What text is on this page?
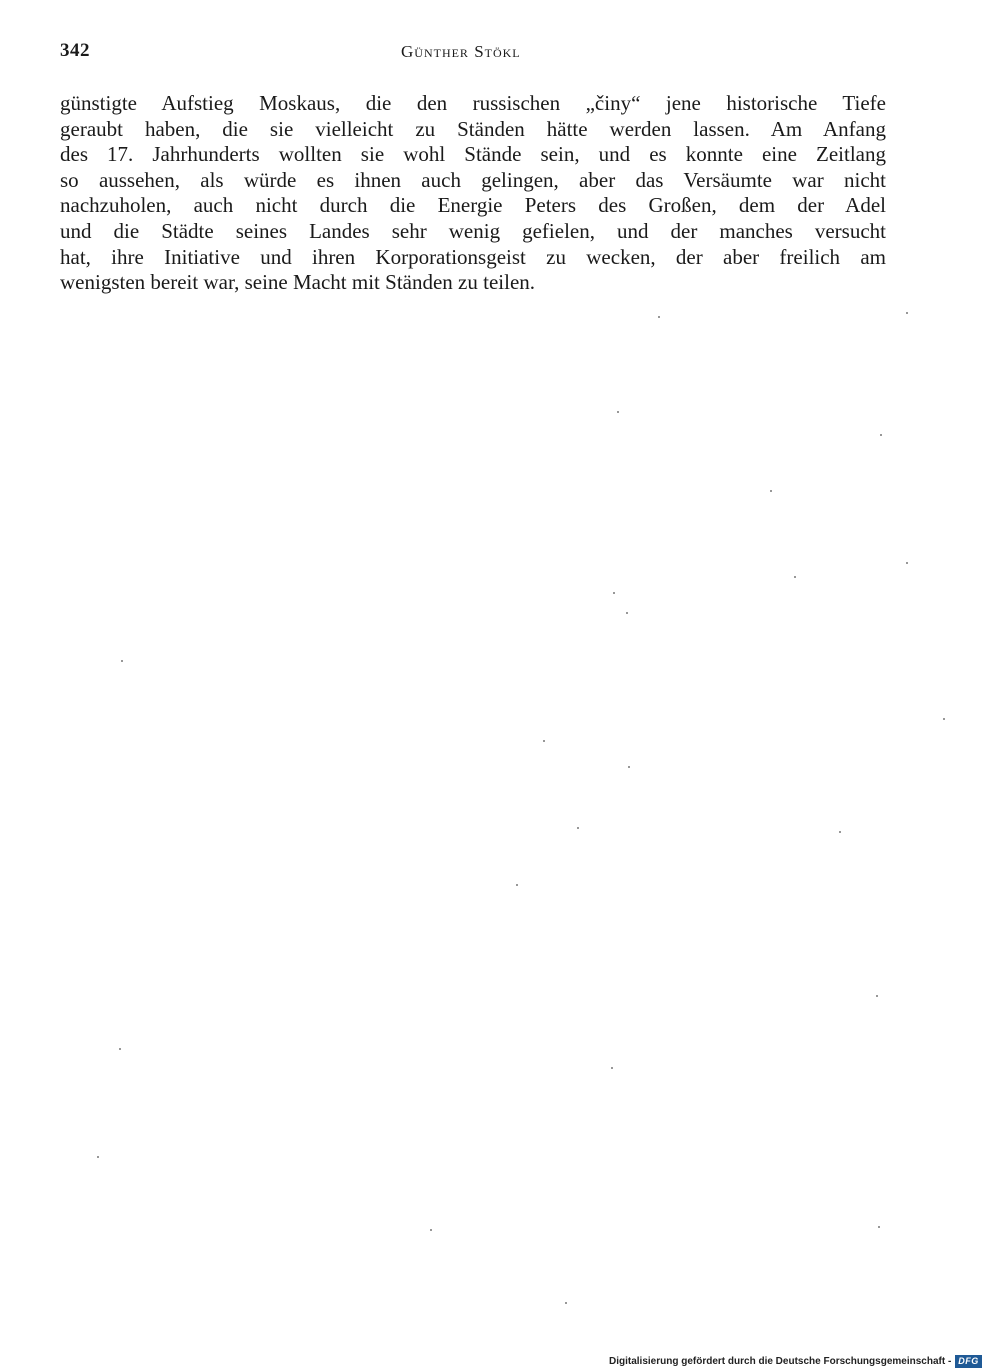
342	Günther Stökl
günstigte Aufstieg Moskaus, die den russischen „činy“ jene historische Tiefe
geraubt haben, die sie vielleicht zu Ständen hätte werden lassen. Am Anfang
des 17. Jahrhunderts wollten sie wohl Stände sein, und es konnte eine Zeitlang
so aussehen, als würde es ihnen auch gelingen, aber das Versäumte war nicht
nachzuholen, auch nicht durch die Energie Peters des Großen, dem der Adel
und die Städte seines Landes sehr wenig gefielen, und der manches versucht
hat, ihre Initiative und ihren Korporationsgeist zu wecken, der aber freilich am
wenigsten bereit war, seine Macht mit Ständen zu teilen.
Digitalisierung gefördert durch die Deutsche Forschungsgemeinschaft - DFG
